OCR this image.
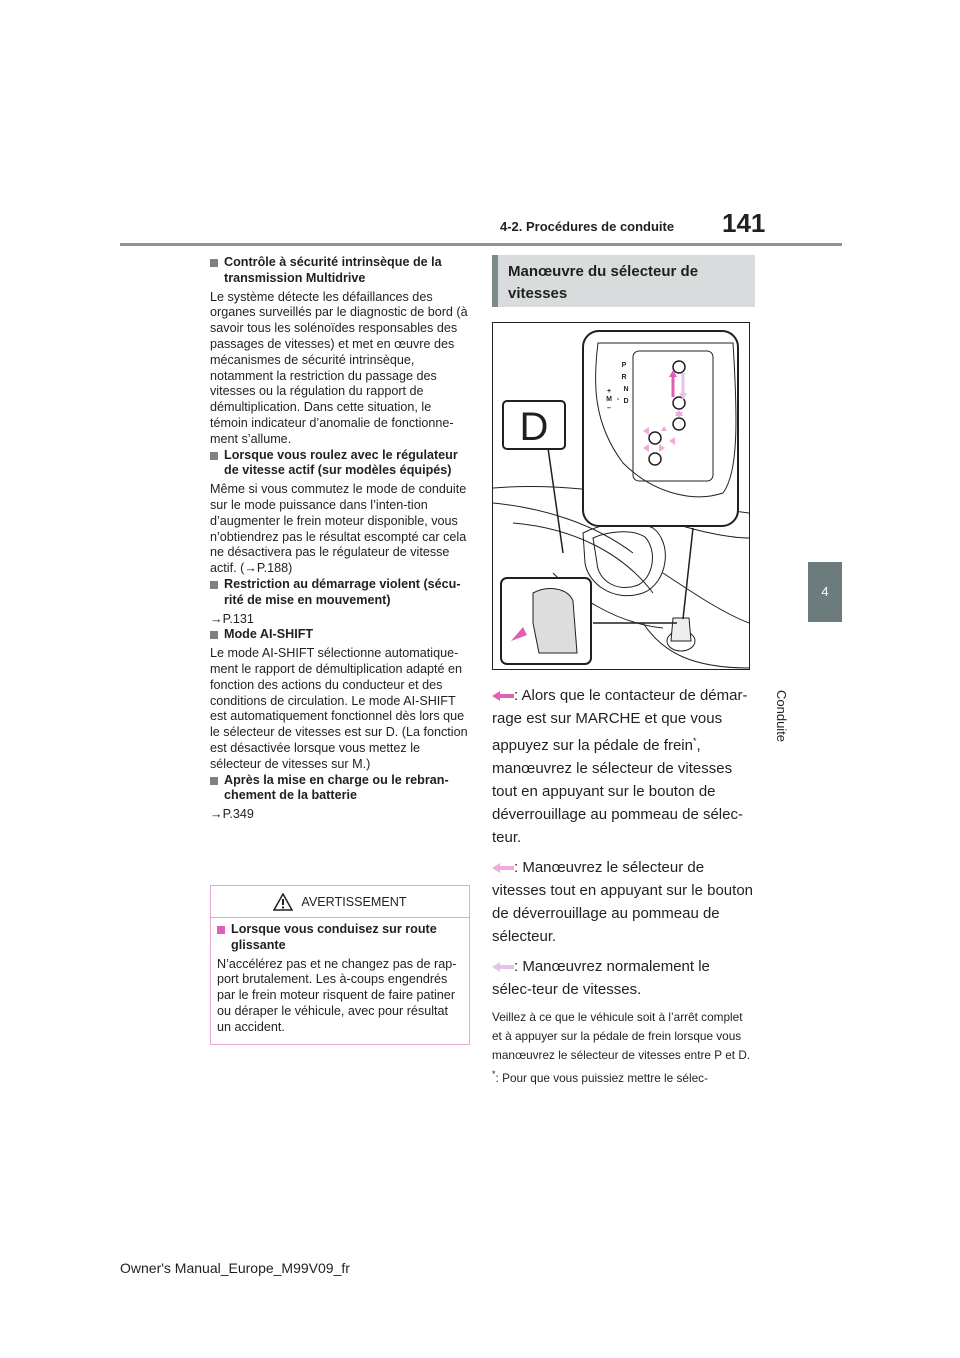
4-2. Procédures de conduite 141
4
Conduite
Contrôle à sécurité intrinsèque de la transmission Multidrive
Le système détecte les défaillances des organes surveillés par le diagnostic de bord (à savoir tous les solénoïdes responsables des passages de vitesses) et met en œuvre des mécanismes de sécurité intrinsèque, notamment la restriction du passage des vitesses ou la régulation du rapport de démultiplication. Dans cette situation, le témoin indicateur d’anomalie de fonctionne-ment s’allume.
Lorsque vous roulez avec le régulateur de vitesse actif (sur modèles équipés)
Même si vous commutez le mode de conduite sur le mode puissance dans l’inten-tion d’augmenter le frein moteur disponible, vous n’obtiendrez pas le résultat escompté car cela ne désactivera pas le régulateur de vitesse actif. (→P.188)
Restriction au démarrage violent (sécu-rité de mise en mouvement)
→P.131
Mode AI-SHIFT
Le mode AI-SHIFT sélectionne automatique-ment le rapport de démultiplication adapté en fonction des actions du conducteur et des conditions de circulation. Le mode AI-SHIFT est automatiquement fonctionnel dès lors que le sélecteur de vitesses est sur D. (La fonction est désactivée lorsque vous mettez le sélecteur de vitesses sur M.)
Après la mise en charge ou le rebran-chement de la batterie
→P.349
AVERTISSEMENT
Lorsque vous conduisez sur route glissante
N’accélérez pas et ne changez pas de rap-port brutalement. Les à-coups engendrés par le frein moteur risquent de faire patiner ou déraper le véhicule, avec pour résultat un accident.
Manœuvre du sélecteur de vitesses
D
P
R
N
D
+
M
–
-
: Alors que le contacteur de démar-rage est sur MARCHE et que vous appuyez sur la pédale de frein*, manœuvrez le sélecteur de vitesses tout en appuyant sur le bouton de déverrouillage au pommeau de sélec-teur.
: Manœuvrez le sélecteur de vitesses tout en appuyant sur le bouton de déverrouillage au pommeau de sélecteur.
: Manœuvrez normalement le sélec-teur de vitesses.
Veillez à ce que le véhicule soit à l’arrêt complet et à appuyer sur la pédale de frein lorsque vous manœuvrez le sélecteur de vitesses entre P et D.
*: Pour que vous puissiez mettre le sélec-
Owner's Manual_Europe_M99V09_fr
